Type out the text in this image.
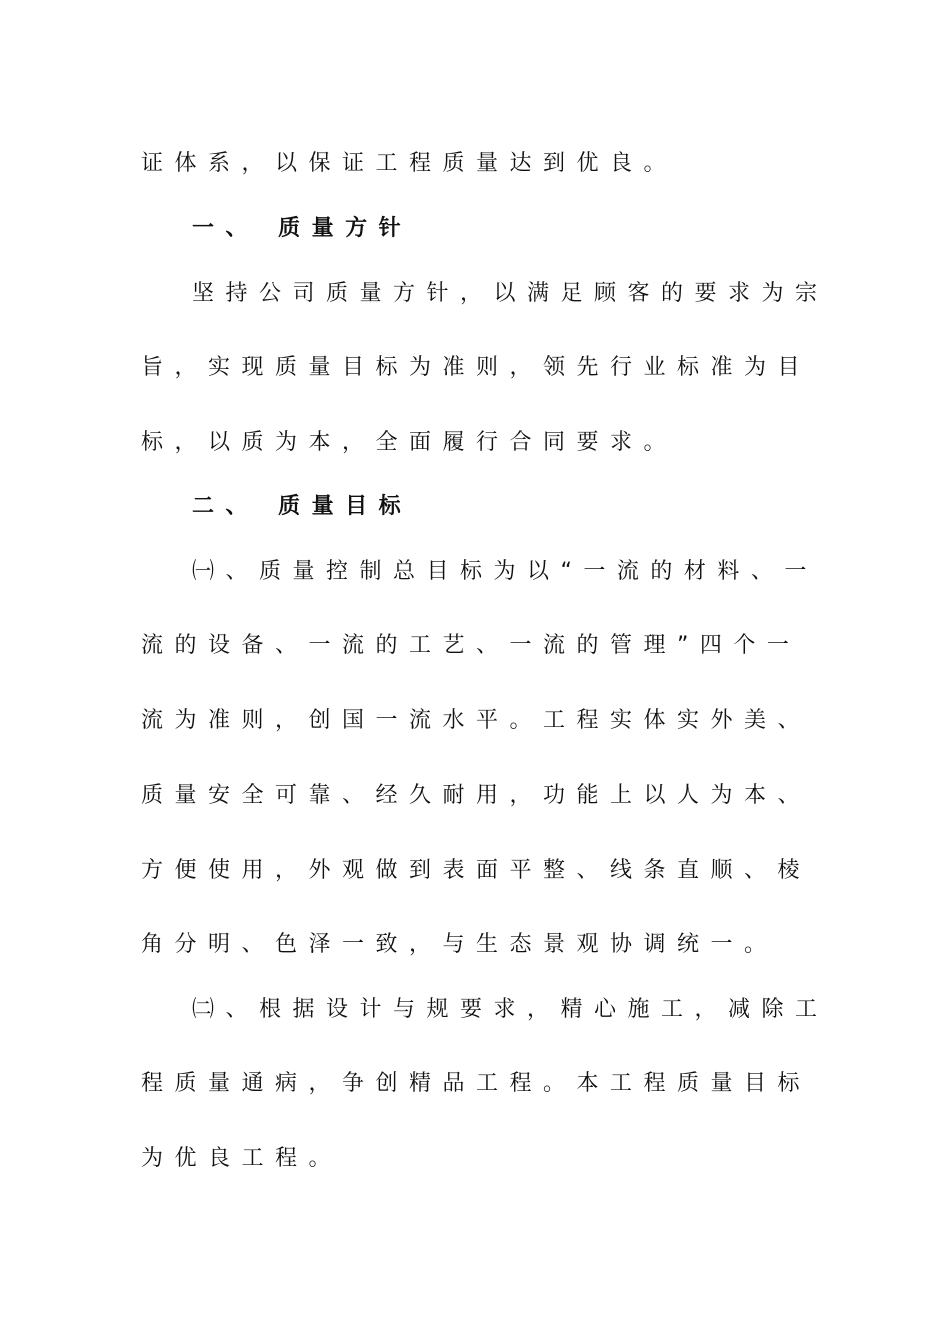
证体系，以保证工程质量达到优良。
一、 质量方针
坚持公司质量方针，以满足顾客的要求为宗
旨，实现质量目标为准则，领先行业标准为目
标，以质为本，全面履行合同要求。
二、 质量目标
㈠、质量控制总目标为以“一流的材料、一
流的设备、一流的工艺、一流的管理”四个一
流为准则，创国一流水平。工程实体实外美、
质量安全可靠、经久耐用，功能上以人为本、
方便使用，外观做到表面平整、线条直顺、棱
角分明、色泽一致，与生态景观协调统一。
㈡、根据设计与规要求，精心施工，减除工
程质量通病，争创精品工程。本工程质量目标
为优良工程。
